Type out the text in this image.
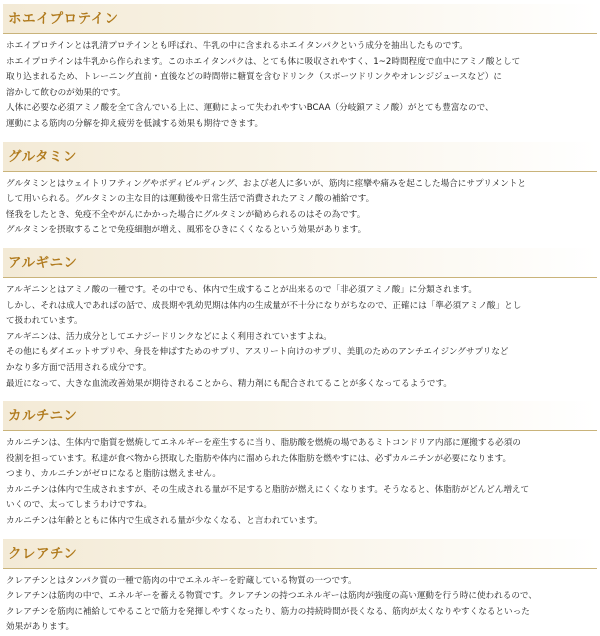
ホエイプロテイン
ホエイプロテインとは乳清プロテインとも呼ばれ、牛乳の中に含まれるホエイタンパクという成分を抽出したものです。
ホエイプロテインは牛乳から作られます。このホエイタンパクは、とても体に吸収されやすく、1~2時間程度で血中にアミノ酸として
取り込まれるため、トレーニング直前・直後などの時間帯に糖質を含むドリンク（スポーツドリンクやオレンジジュースなど）に
溶かして飲むのが効果的です。
人体に必要な必須アミノ酸を全て含んでいる上に、運動によって失われやすいBCAA（分岐鎖アミノ酸）がとても豊富なので、
運動による筋肉の分解を抑え疲労を低減する効果も期待できます。
グルタミン
グルタミンとはウェイトリフティングやボディビルディング、および老人に多いが、筋肉に痙攣や痛みを起こした場合にサプリメントと
して用いられる。グルタミンの主な目的は運動後や日常生活で消費されたアミノ酸の補給です。
怪我をしたとき、免疫不全やがんにかかった場合にグルタミンが勧められるのはその為です。
グルタミンを摂取することで免疫細胞が増え、風邪をひきにくくなるという効果があります。
アルギニン
アルギニンとはアミノ酸の一種です。その中でも、体内で生成することが出来るので「非必須アミノ酸」に分類されます。
しかし、それは成人であればの話で、成長期や乳幼児期は体内の生成量が不十分になりがちなので、正確には「準必須アミノ酸」とし
て扱われています。
アルギニンは、活力成分としてエナジードリンクなどによく利用されていますよね。
その他にもダイエットサプリや、身長を伸ばすためのサプリ、アスリート向けのサプリ、美肌のためのアンチエイジングサプリなど
かなり多方面で活用される成分です。
最近になって、大きな血流改善効果が期待されることから、精力剤にも配合されてることが多くなってるようです。
カルチニン
カルニチンは、生体内で脂質を燃焼してエネルギーを産生するに当り、脂肪酸を燃焼の場であるミトコンドリア内部に運搬する必須の
役割を担っています。私達が食べ物から摂取した脂肪や体内に溜められた体脂肪を燃やすには、必ずカルニチンが必要になります。
つまり、カルニチンがゼロになると脂肪は燃えません。
カルニチンは体内で生成されますが、その生成される量が不足すると脂肪が燃えにくくなります。そうなると、体脂肪がどんどん増えて
いくので、太ってしまうわけですね。
カルニチンは年齢とともに体内で生成される量が少なくなる、と言われています。
クレアチン
クレアチンとはタンパク質の一種で筋肉の中でエネルギーを貯蔵している物質の一つです。
クレアチンは筋肉の中で、エネルギーを蓄える物質です。クレアチンの持つエネルギーは筋肉が強度の高い運動を行う時に使われるので、
クレアチンを筋肉に補給してやることで筋力を発揮しやすくなったり、筋力の持続時間が長くなる、筋肉が太くなりやすくなるといった
効果があります。
